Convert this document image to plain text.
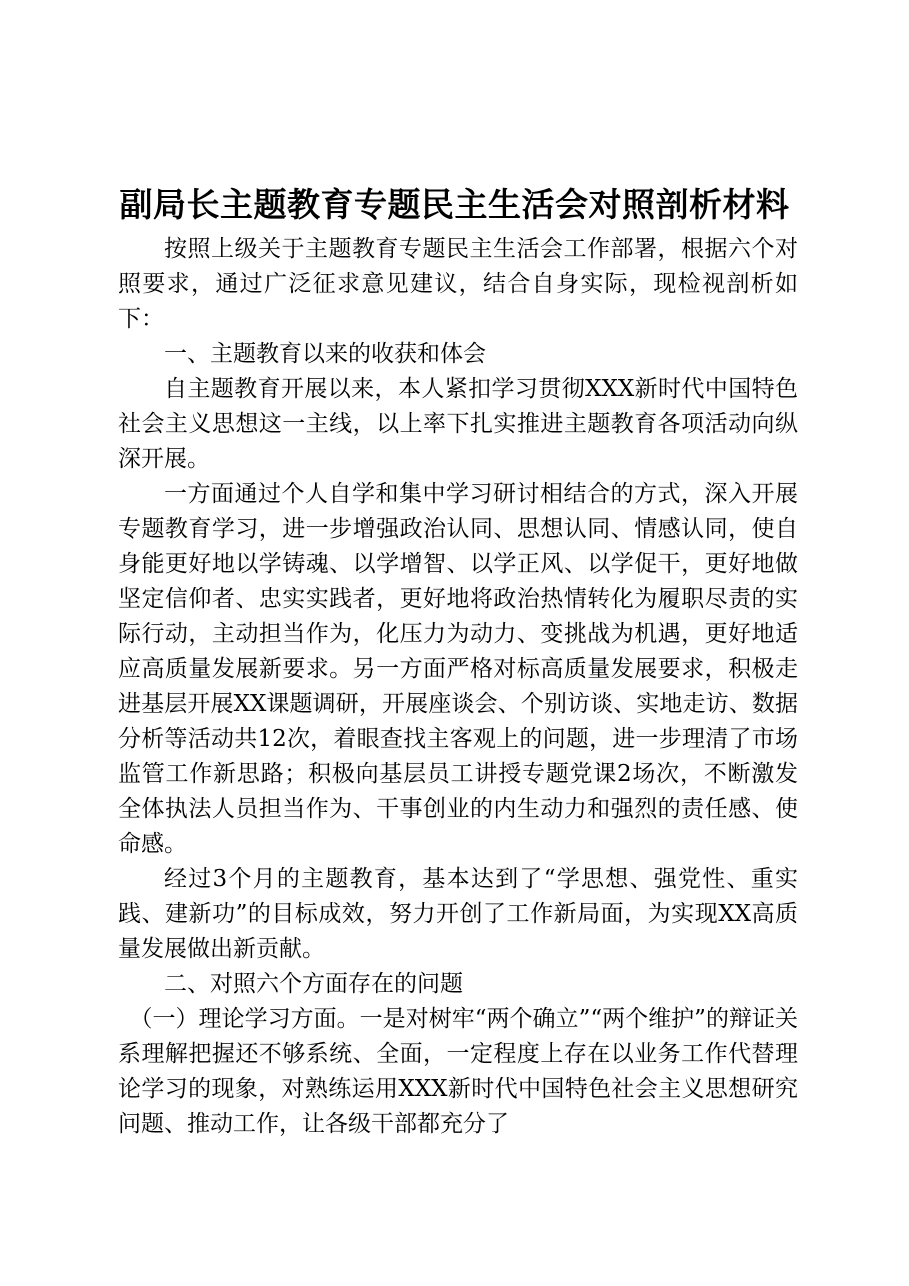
副局长主题教育专题民主生活会对照剖析材料

按照上级关于主题教育专题民主生活会工作部署，根据六个对照要求，通过广泛征求意见建议，结合自身实际，现检视剖析如下：

一、主题教育以来的收获和体会

自主题教育开展以来，本人紧扣学习贯彻XXX新时代中国特色社会主义思想这一主线，以上率下扎实推进主题教育各项活动向纵深开展。

一方面通过个人自学和集中学习研讨相结合的方式，深入开展专题教育学习，进一步增强政治认同、思想认同、情感认同，使自身能更好地以学铸魂、以学增智、以学正风、以学促干，更好地做坚定信仰者、忠实实践者，更好地将政治热情转化为履职尽责的实际行动，主动担当作为，化压力为动力、变挑战为机遇，更好地适应高质量发展新要求。另一方面严格对标高质量发展要求，积极走进基层开展XX课题调研，开展座谈会、个别访谈、实地走访、数据分析等活动共12次，着眼查找主客观上的问题，进一步理清了市场监管工作新思路；积极向基层员工讲授专题党课2场次，不断激发全体执法人员担当作为、干事创业的内生动力和强烈的责任感、使命感。

经过3个月的主题教育，基本达到了“学思想、强党性、重实践、建新功”的目标成效，努力开创了工作新局面，为实现XX高质量发展做出新贡献。

二、对照六个方面存在的问题

（一）理论学习方面。一是对树牢“两个确立”“两个维护”的辩证关系理解把握还不够系统、全面，一定程度上存在以业务工作代替理论学习的现象，对熟练运用XXX新时代中国特色社会主义思想研究问题、推动工作，让各级干部都充分了
